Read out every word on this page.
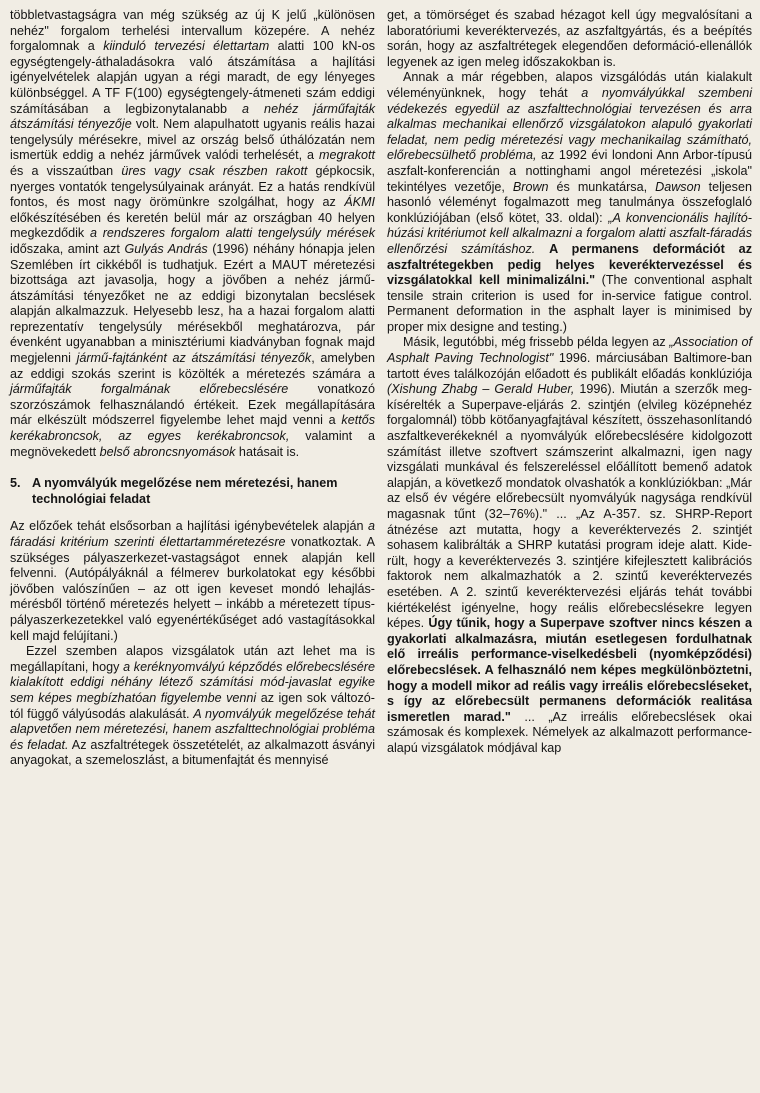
többletvastagságra van még szükség az új K jelű „különösen nehéz" forgalom terhelési intervallum közepére. A nehéz forgalomnak a kiinduló tervezési élettartam alatti 100 kN-os egységtengely-áthaladásokra való átszámítása a hajlítási igényelvételek alapján ugyan a régi maradt, de egy lényeges különbséggel. A TF F(100) egységtengely-átmeneti szám eddigi számításában a legbizonytalanabb a nehéz járműfajták átszámítási tényezője volt. Nem alapulhatott ugyanis reális hazai tengelysúly mérésekre, mivel az ország belső úthálózatán nem ismertük eddig a nehéz járművek valódi terhelését, a megrakott és a visszaútban üres vagy csak részben rakott gépkocsik, nyerges vontatók tengelysúlyainak arányát. Ez a hatás rendkívül fontos, és most nagy örömünkre szolgálhat, hogy az ÁKMI előkészítésében és keretén belül már az országban 40 helyen megkezdődik a rendszeres forgalom alatti tengelysúly mérések időszaka, amint azt Gulyás András (1996) néhány hónapja jelen Szemlében írt cikkéből is tudhatjuk. Ezért a MAUT méretezési bizottsága azt javasolja, hogy a jövőben a nehéz jármű-átszámítási tényezőket ne az eddigi bizonytalan becslések alapján alkalmazzuk. Helyesebb lesz, ha a hazai forgalom alatti reprezentatív tengelysúly mérésekből meghatározva, pár évenként ugyanabban a minisztériumi kiadványban fognak majd megjelenni jármű-fajtánként az átszámítási tényezők, amelyben az eddigi szokás szerint is közölték a méretezés számára a járműfajták forgalmának előrebecslésére vonatkozó szorzószámok felhasználandó értékeit. Ezek megállapítására már elkészült módszerrel figyelembe lehet majd venni a kettős kerékabroncsok, az egyes kerékabroncsok, valamint a megnövekedett belső abroncsnyomások hatásait is.

5. A nyomvályúk megelőzése nem méretezési, hanem technológiai feladat

Az előzőek tehát elsősorban a hajlítási igénybevételek alapján a fáradási kritérium szerinti élettartamméretezésre vonatkoztak. A szükséges pályaszerkezet-vastagságot ennek alapján kell felvenni. (Autópályáknál a félmerev burkolatokat egy későbbi jövőben valószínűen – az ott igen keveset mondó lehajlásmérésből történő méretezés helyett – inkább a méretezett típus-pályaszerkezetekkel való egyenértékűséget adó vastagításokkal kell majd felújítani.)

Ezzel szemben alapos vizsgálatok után azt lehet ma is megállapítani, hogy a keréknyomvályú képződés előrebecslésére kialakított eddigi néhány létező számítási mód-javaslat egyike sem képes megbízhatóan figyelembe venni az igen sok változótól függő vályúsodás alakulását. A nyomvályúk megelőzése tehát alapvetően nem méretezési, hanem aszfalttechnológiai probléma és feladat. Az aszfaltrétegek összetételét, az alkalmazott ásványi anyagokat, a szemeloszlást, a bitumenfajtát és mennyisé

get, a tömörséget és szabad hézagot kell úgy megvalósítani a laboratóriumi keveréktervezés, az aszfaltgyártás, és a beépítés során, hogy az aszfaltrétegek elegendően deformáció-ellenállók legyenek az igen meleg időszakokban is.

Annak a már régebben, alapos vizsgálódás után kialakult véleményünknek, hogy tehát a nyomvályúkkal szembeni védekezés egyedül az aszfalttechnológiai tervezésen és arra alkalmas mechanikai ellenőrző vizsgálatokon alapuló gyakorlati feladat, nem pedig méretezési vagy mechanikailag számítható, előrebecsülhető probléma, az 1992 évi londoni Ann Arbor-típusú aszfalt-konferencián a nottinghami angol méretezési „iskola" tekintélyes vezetője, Brown és munkatársa, Dawson teljesen hasonló véleményt fogalmazott meg tanulmánya összefoglaló konklúziójában (első kötet, 33. oldal): „A konvencionális hajlító-húzási kritériumot kell alkalmazni a forgalom alatti aszfalt-fáradás ellenőrzési számításhoz. A permanens deformációt az aszfaltrétegekben pedig helyes keveréktervezéssel és vizsgálatokkal kell minimalizálni." (The conventional asphalt tensile strain criterion is used for in-service fatigue control. Permanent deformation in the asphalt layer is minimised by proper mix designe and testing.)

Másik, legutóbbi, még frissebb példa legyen az „Association of Asphalt Paving Technologist" 1996. márciusában Baltimore-ban tartott éves találkozóján előadott és publikált előadás konklúziója (Xishung Zhabg – Gerald Huber, 1996). Miután a szerzők megkísérelték a Superpave-eljárás 2. szintjén (elvileg középnehéz forgalomnál) több kötőanyagfajtával készített, összehasonlítandó aszfaltkeverékeknél a nyomvályúk előrebecslésére kidolgozott számítást illetve szoftvert számszerint alkalmazni, igen nagy vizsgálati munkával és felszereléssel előállított bemenő adatok alapján, a következő mondatok olvashatók a konklúziókban: „Már az első év végére előrebecsült nyomvályúk nagysága rendkívül magasnak tűnt (32–76%)." ... „Az A-357. sz. SHRP-Report átnézése azt mutatta, hogy a keveréktervezés 2. szintjét sohasem kalibrálták a SHRP kutatási program ideje alatt. Kiderült, hogy a keveréktervezés 3. szintjére kifejlesztett kalibrációs faktorok nem alkalmazhatók a 2. szintű keveréktervezés esetében. A 2. szintű keveréktervezési eljárás tehát további kiértékelést igényelne, hogy reális előrebecslésekre legyen képes. Úgy tűnik, hogy a Superpave szoftver nincs készen a gyakorlati alkalmazásra, miután esetlegesen fordulhatnak elő irreális performance-viselkedésbeli (nyomképződési) előrebecslések. A felhasználó nem képes megkülönböztetni, hogy a modell mikor ad reális vagy irreális előrebecsléseket, s így az előrebecsült permanens deformációk realitása ismeretlen marad." ... „Az irreális előrebecslések okai számosak és komplexek. Némelyek az alkalmazott performance-alapú vizsgálatok módjával kap
